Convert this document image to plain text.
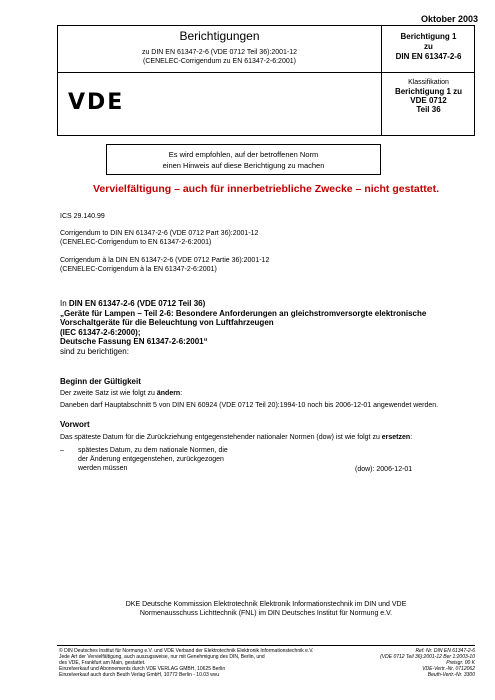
Oktober 2003
Berichtigungen
zu DIN EN 61347-2-6 (VDE 0712 Teil 36):2001-12
(CENELEC-Corrigendum zu EN 61347-2-6:2001)
VDE
Berichtigung 1
zu
DIN EN 61347-2-6
Klassifikation
Berichtigung 1 zu
VDE 0712
Teil 36
Es wird empfohlen, auf der betroffenen Norm
einen Hinweis auf diese Berichtigung zu machen
Vervielfältigung – auch für innerbetriebliche Zwecke – nicht gestattet.
ICS 29.140.99
Corrigendum to DIN EN 61347-2-6 (VDE 0712 Part 36):2001-12
(CENELEC-Corrigendum to EN 61347-2-6:2001)
Corrigendum à la DIN EN 61347-2-6 (VDE 0712 Partie 36):2001-12
(CENELEC-Corrigendum à la EN 61347-2-6:2001)
In DIN EN 61347-2-6 (VDE 0712 Teil 36)
„Geräte für Lampen – Teil 2-6: Besondere Anforderungen an gleichstromversorgte elektronische
Vorschaltgeräte für die Beleuchtung von Luftfahrzeugen
(IEC 61347-2-6:2000);
Deutsche Fassung EN 61347-2-6:2001“
sind zu berichtigen:
Beginn der Gültigkeit
Der zweite Satz ist wie folgt zu ändern:
Daneben darf Hauptabschnitt 5 von DIN EN 60924 (VDE 0712 Teil 20):1994-10 noch bis 2006-12-01 angewendet werden.
Vorwort
Das späteste Datum für die Zurückziehung entgegenstehender nationaler Normen (dow) ist wie folgt zu ersetzen:
– spätestes Datum, zu dem nationale Normen, die
der Änderung entgegenstehen, zurückgezogen
werden müssen	(dow): 2006-12-01
DKE Deutsche Kommission Elektrotechnik Elektronik Informationstechnik im DIN und VDE
Normenausschuss Lichttechnik (FNL) im DIN Deutsches Institut für Normung e.V.
© DIN Deutsches Institut für Normung e.V. und VDE Verband der Elektrotechnik Elektronik Informationstechnik e.V.
Jede Art der Vervielfältigung, auch auszugsweise, nur mit Genehmigung des DIN, Berlin, und
des VDE, Frankfurt am Main, gestattet.
Einzelverkauf und Abonnements durch VDE VERLAG GMBH, 10625 Berlin
Einzelverkauf auch durch Beuth Verlag GmbH, 10772 Berlin - 10.03 wvu
Ref. Nr. DIN EN 61347-2-6
(VDE 0712 Teil 36):2001-12 Ber 1:2003-10
Preisgr. 00 K
VDE-Vertr.-Nr. 0712062
Beuth-Vertr.-Nr. 3300
